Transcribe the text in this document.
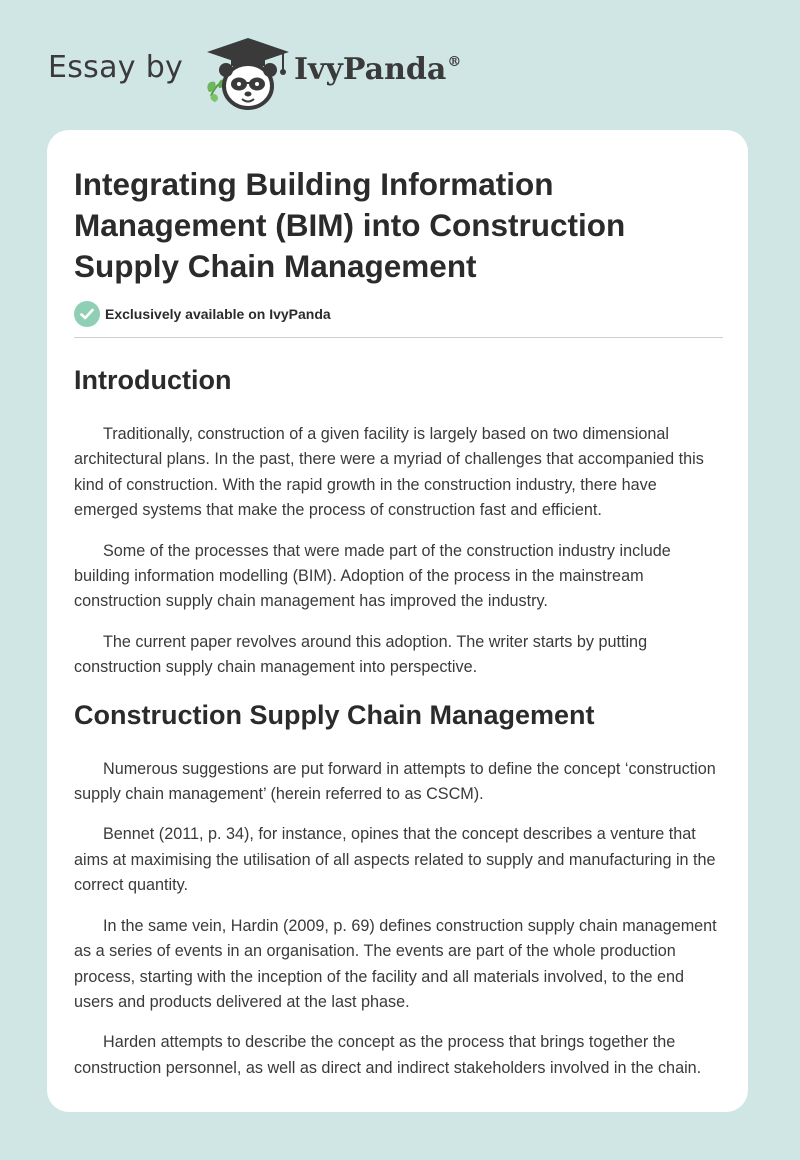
Essay by	IvyPanda®
Integrating Building Information Management (BIM) into Construction Supply Chain Management
Exclusively available on IvyPanda
Introduction

Traditionally, construction of a given facility is largely based on two dimensional architectural plans. In the past, there were a myriad of challenges that accompanied this kind of construction. With the rapid growth in the construction industry, there have emerged systems that make the process of construction fast and efficient.

Some of the processes that were made part of the construction industry include building information modelling (BIM). Adoption of the process in the mainstream construction supply chain management has improved the industry.

The current paper revolves around this adoption. The writer starts by putting construction supply chain management into perspective.

Construction Supply Chain Management

Numerous suggestions are put forward in attempts to define the concept ‘construction supply chain management’ (herein referred to as CSCM).

Bennet (2011, p. 34), for instance, opines that the concept describes a venture that aims at maximising the utilisation of all aspects related to supply and manufacturing in the correct quantity.

In the same vein, Hardin (2009, p. 69) defines construction supply chain management as a series of events in an organisation. The events are part of the whole production process, starting with the inception of the facility and all materials involved, to the end users and products delivered at the last phase.

Harden attempts to describe the concept as the process that brings together the construction personnel, as well as direct and indirect stakeholders involved in the chain.
